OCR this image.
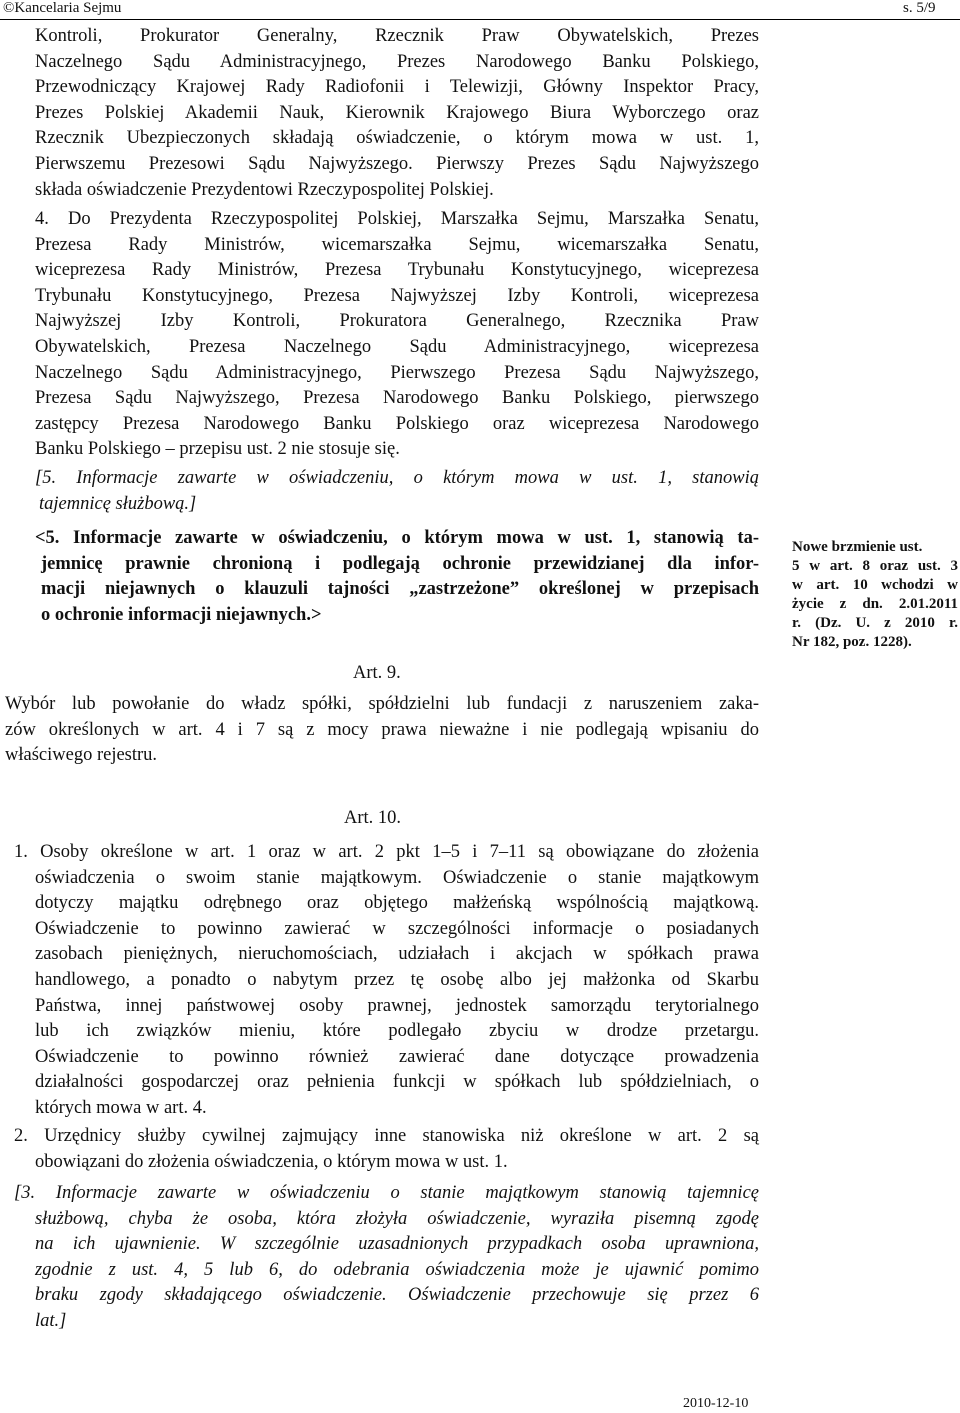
©Kancelaria Sejmu	s. 5/9
Kontroli, Prokurator Generalny, Rzecznik Praw Obywatelskich, Prezes
Naczelnego Sądu Administracyjnego, Prezes Narodowego Banku Polskiego,
Przewodniczący Krajowej Rady Radiofonii i Telewizji, Główny Inspektor Pracy,
Prezes Polskiej Akademii Nauk, Kierownik Krajowego Biura Wyborczego oraz
Rzecznik Ubezpieczonych składają oświadczenie, o którym mowa w ust. 1,
Pierwszemu Prezesowi Sądu Najwyższego. Pierwszy Prezes Sądu Najwyższego
składa oświadczenie Prezydentowi Rzeczypospolitej Polskiej.
4. Do Prezydenta Rzeczypospolitej Polskiej, Marszałka Sejmu, Marszałka Senatu,
Prezesa Rady Ministrów, wicemarszałka Sejmu, wicemarszałka Senatu,
wiceprezesa Rady Ministrów, Prezesa Trybunału Konstytucyjnego, wiceprezesa
Trybunału Konstytucyjnego, Prezesa Najwyższej Izby Kontroli, wiceprezesa
Najwyższej Izby Kontroli, Prokuratora Generalnego, Rzecznika Praw
Obywatelskich, Prezesa Naczelnego Sądu Administracyjnego, wiceprezesa
Naczelnego Sądu Administracyjnego, Pierwszego Prezesa Sądu Najwyższego,
Prezesa Sądu Najwyższego, Prezesa Narodowego Banku Polskiego, pierwszego
zastępcy Prezesa Narodowego Banku Polskiego oraz wiceprezesa Narodowego
Banku Polskiego – przepisu ust. 2 nie stosuje się.
[5. Informacje zawarte w oświadczeniu, o którym mowa w ust. 1, stanowią
tajemnicę służbową.]
<5. Informacje zawarte w oświadczeniu, o którym mowa w ust. 1, stanowią ta-
jemnicę prawnie chronioną i podlegają ochronie przewidzianej dla infor-
macji niejawnych o klauzuli tajności „zastrzeżone” określonej w przepisach
o ochronie informacji niejawnych.>
Nowe brzmienie ust.
5 w art. 8 oraz ust. 3
w art. 10 wchodzi w
życie z dn. 2.01.2011
r. (Dz. U. z 2010 r.
Nr 182, poz. 1228).
Art. 9.
Wybór lub powołanie do władz spółki, spółdzielni lub fundacji z naruszeniem zaka-
zów określonych w art. 4 i 7 są z mocy prawa nieważne i nie podlegają wpisaniu do
właściwego rejestru.
Art. 10.
1. Osoby określone w art. 1 oraz w art. 2 pkt 1–5 i 7–11 są obowiązane do złożenia
oświadczenia o swoim stanie majątkowym. Oświadczenie o stanie majątkowym
dotyczy majątku odrębnego oraz objętego małżeńską wspólnością majątkową.
Oświadczenie to powinno zawierać w szczególności informacje o posiadanych
zasobach pieniężnych, nieruchomościach, udziałach i akcjach w spółkach prawa
handlowego, a ponadto o nabytym przez tę osobę albo jej małżonka od Skarbu
Państwa, innej państwowej osoby prawnej, jednostek samorządu terytorialnego
lub ich związków mieniu, które podlegało zbyciu w drodze przetargu.
Oświadczenie to powinno również zawierać dane dotyczące prowadzenia
działalności gospodarczej oraz pełnienia funkcji w spółkach lub spółdzielniach, o
których mowa w art. 4.
2. Urzędnicy służby cywilnej zajmujący inne stanowiska niż określone w art. 2 są
obowiązani do złożenia oświadczenia, o którym mowa w ust. 1.
[3. Informacje zawarte w oświadczeniu o stanie majątkowym stanowią tajemnicę
służbową, chyba że osoba, która złożyła oświadczenie, wyraziła pisemną zgodę
na ich ujawnienie. W szczególnie uzasadnionych przypadkach osoba uprawniona,
zgodnie z ust. 4, 5 lub 6, do odebrania oświadczenia może je ujawnić pomimo
braku zgody składającego oświadczenie. Oświadczenie przechowuje się przez 6
lat.]
2010-12-10
